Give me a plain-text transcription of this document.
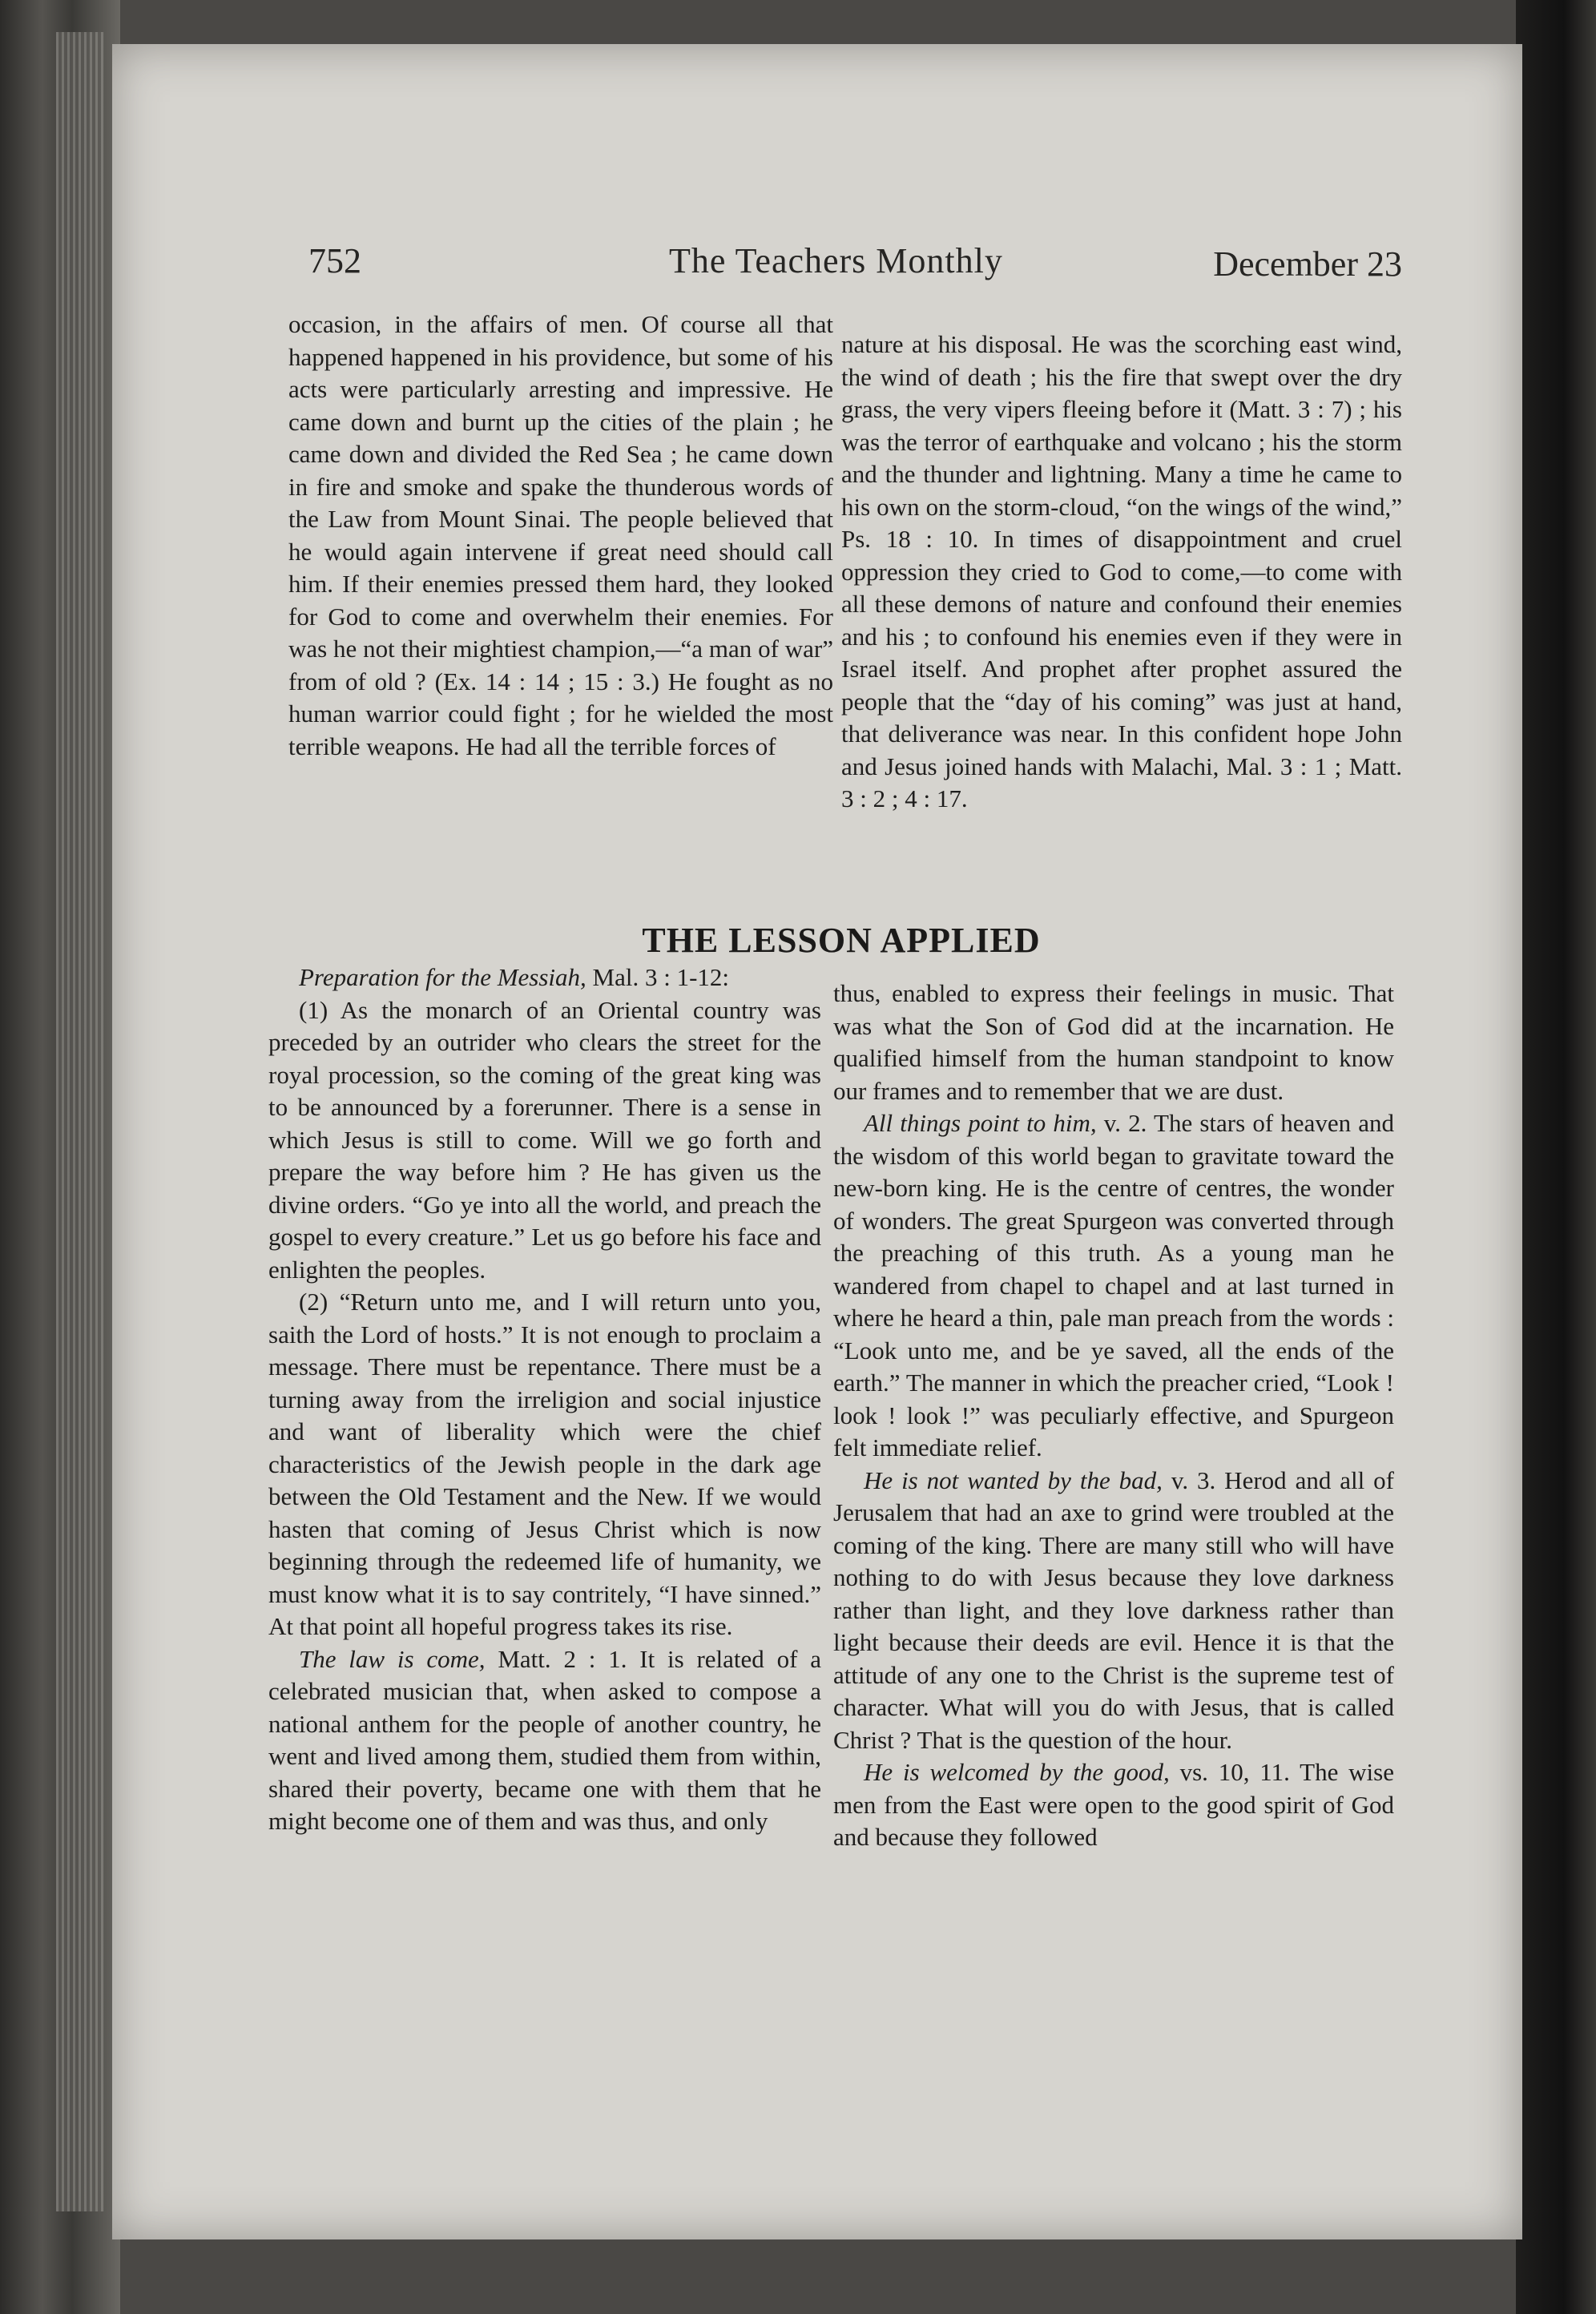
752	The Teachers Monthly	December 23

occasion, in the affairs of men. Of course all that happened happened in his providence, but some of his acts were particularly arresting and impressive. He came down and burnt up the cities of the plain ; he came down and divided the Red Sea ; he came down in fire and smoke and spake the thunderous words of the Law from Mount Sinai. The people believed that he would again intervene if great need should call him. If their enemies pressed them hard, they looked for God to come and overwhelm their enemies. For was he not their mightiest champion,—“a man of war” from of old ? (Ex. 14 : 14 ; 15 : 3.) He fought as no human warrior could fight ; for he wielded the most terrible weapons. He had all the terrible forces of

nature at his disposal. He was the scorching east wind, the wind of death ; his the fire that swept over the dry grass, the very vipers fleeing before it (Matt. 3 : 7) ; his was the terror of earthquake and volcano ; his the storm and the thunder and lightning. Many a time he came to his own on the storm-cloud, “on the wings of the wind,” Ps. 18 : 10. In times of disappointment and cruel oppression they cried to God to come,—to come with all these demons of nature and confound their enemies and his ; to confound his enemies even if they were in Israel itself. And prophet after prophet assured the people that the “day of his coming” was just at hand, that deliverance was near. In this confident hope John and Jesus joined hands with Malachi, Mal. 3 : 1 ; Matt. 3 : 2 ; 4 : 17.

THE LESSON APPLIED

Preparation for the Messiah, Mal. 3 : 1-12:

(1) As the monarch of an Oriental country was preceded by an outrider who clears the street for the royal procession, so the coming of the great king was to be announced by a forerunner. There is a sense in which Jesus is still to come. Will we go forth and prepare the way before him ? He has given us the divine orders. “Go ye into all the world, and preach the gospel to every creature.” Let us go before his face and enlighten the peoples.

(2) “Return unto me, and I will return unto you, saith the Lord of hosts.” It is not enough to proclaim a message. There must be repentance. There must be a turning away from the irreligion and social injustice and want of liberality which were the chief characteristics of the Jewish people in the dark age between the Old Testament and the New. If we would hasten that coming of Jesus Christ which is now beginning through the redeemed life of humanity, we must know what it is to say contritely, “I have sinned.” At that point all hopeful progress takes its rise.

The law is come, Matt. 2 : 1. It is related of a celebrated musician that, when asked to compose a national anthem for the people of another country, he went and lived among them, studied them from within, shared their poverty, became one with them that he might become one of them and was thus, and only

thus, enabled to express their feelings in music. That was what the Son of God did at the incarnation. He qualified himself from the human standpoint to know our frames and to remember that we are dust.

All things point to him, v. 2. The stars of heaven and the wisdom of this world began to gravitate toward the new-born king. He is the centre of centres, the wonder of wonders. The great Spurgeon was converted through the preaching of this truth. As a young man he wandered from chapel to chapel and at last turned in where he heard a thin, pale man preach from the words : “Look unto me, and be ye saved, all the ends of the earth.” The manner in which the preacher cried, “Look ! look ! look !” was peculiarly effective, and Spurgeon felt immediate relief.

He is not wanted by the bad, v. 3. Herod and all of Jerusalem that had an axe to grind were troubled at the coming of the king. There are many still who will have nothing to do with Jesus because they love darkness rather than light, and they love darkness rather than light because their deeds are evil. Hence it is that the attitude of any one to the Christ is the supreme test of character. What will you do with Jesus, that is called Christ ? That is the question of the hour.

He is welcomed by the good, vs. 10, 11. The wise men from the East were open to the good spirit of God and because they followed
